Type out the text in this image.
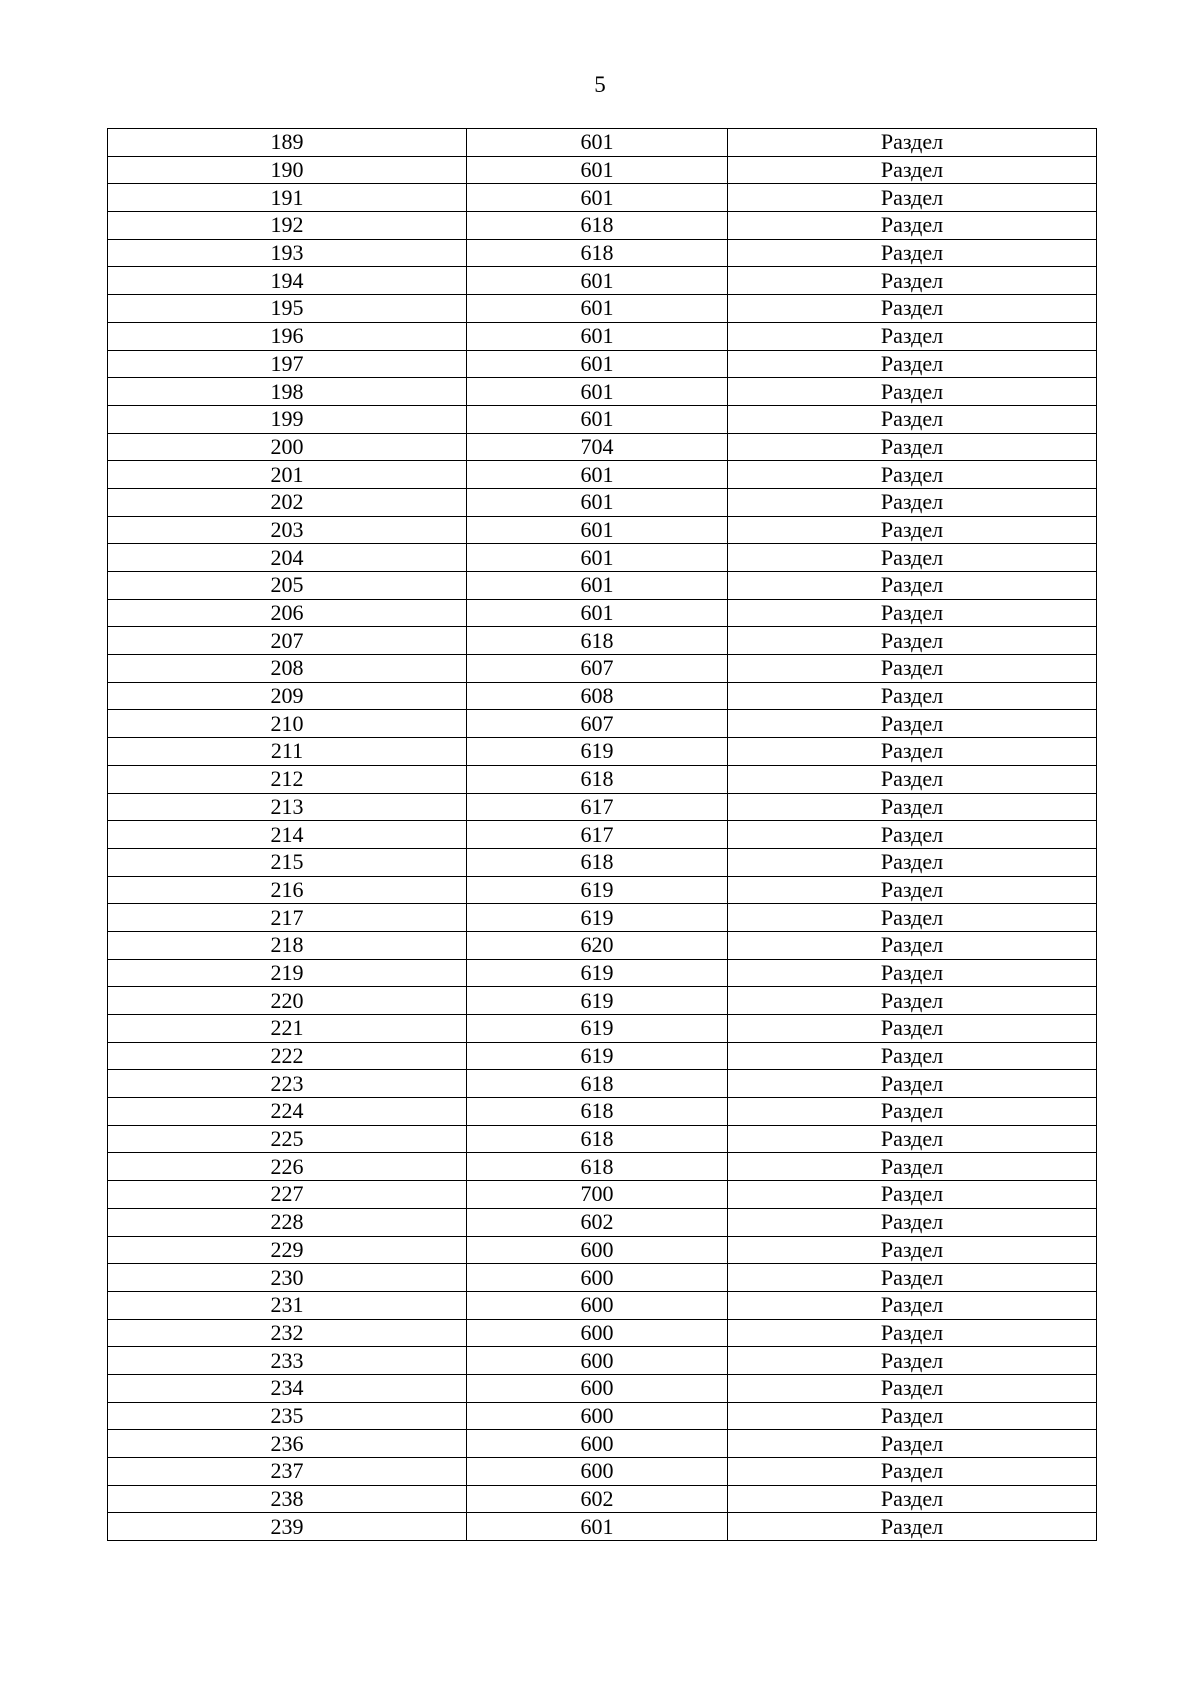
5
189	601	Раздел
190	601	Раздел
191	601	Раздел
192	618	Раздел
193	618	Раздел
194	601	Раздел
195	601	Раздел
196	601	Раздел
197	601	Раздел
198	601	Раздел
199	601	Раздел
200	704	Раздел
201	601	Раздел
202	601	Раздел
203	601	Раздел
204	601	Раздел
205	601	Раздел
206	601	Раздел
207	618	Раздел
208	607	Раздел
209	608	Раздел
210	607	Раздел
211	619	Раздел
212	618	Раздел
213	617	Раздел
214	617	Раздел
215	618	Раздел
216	619	Раздел
217	619	Раздел
218	620	Раздел
219	619	Раздел
220	619	Раздел
221	619	Раздел
222	619	Раздел
223	618	Раздел
224	618	Раздел
225	618	Раздел
226	618	Раздел
227	700	Раздел
228	602	Раздел
229	600	Раздел
230	600	Раздел
231	600	Раздел
232	600	Раздел
233	600	Раздел
234	600	Раздел
235	600	Раздел
236	600	Раздел
237	600	Раздел
238	602	Раздел
239	601	Раздел
